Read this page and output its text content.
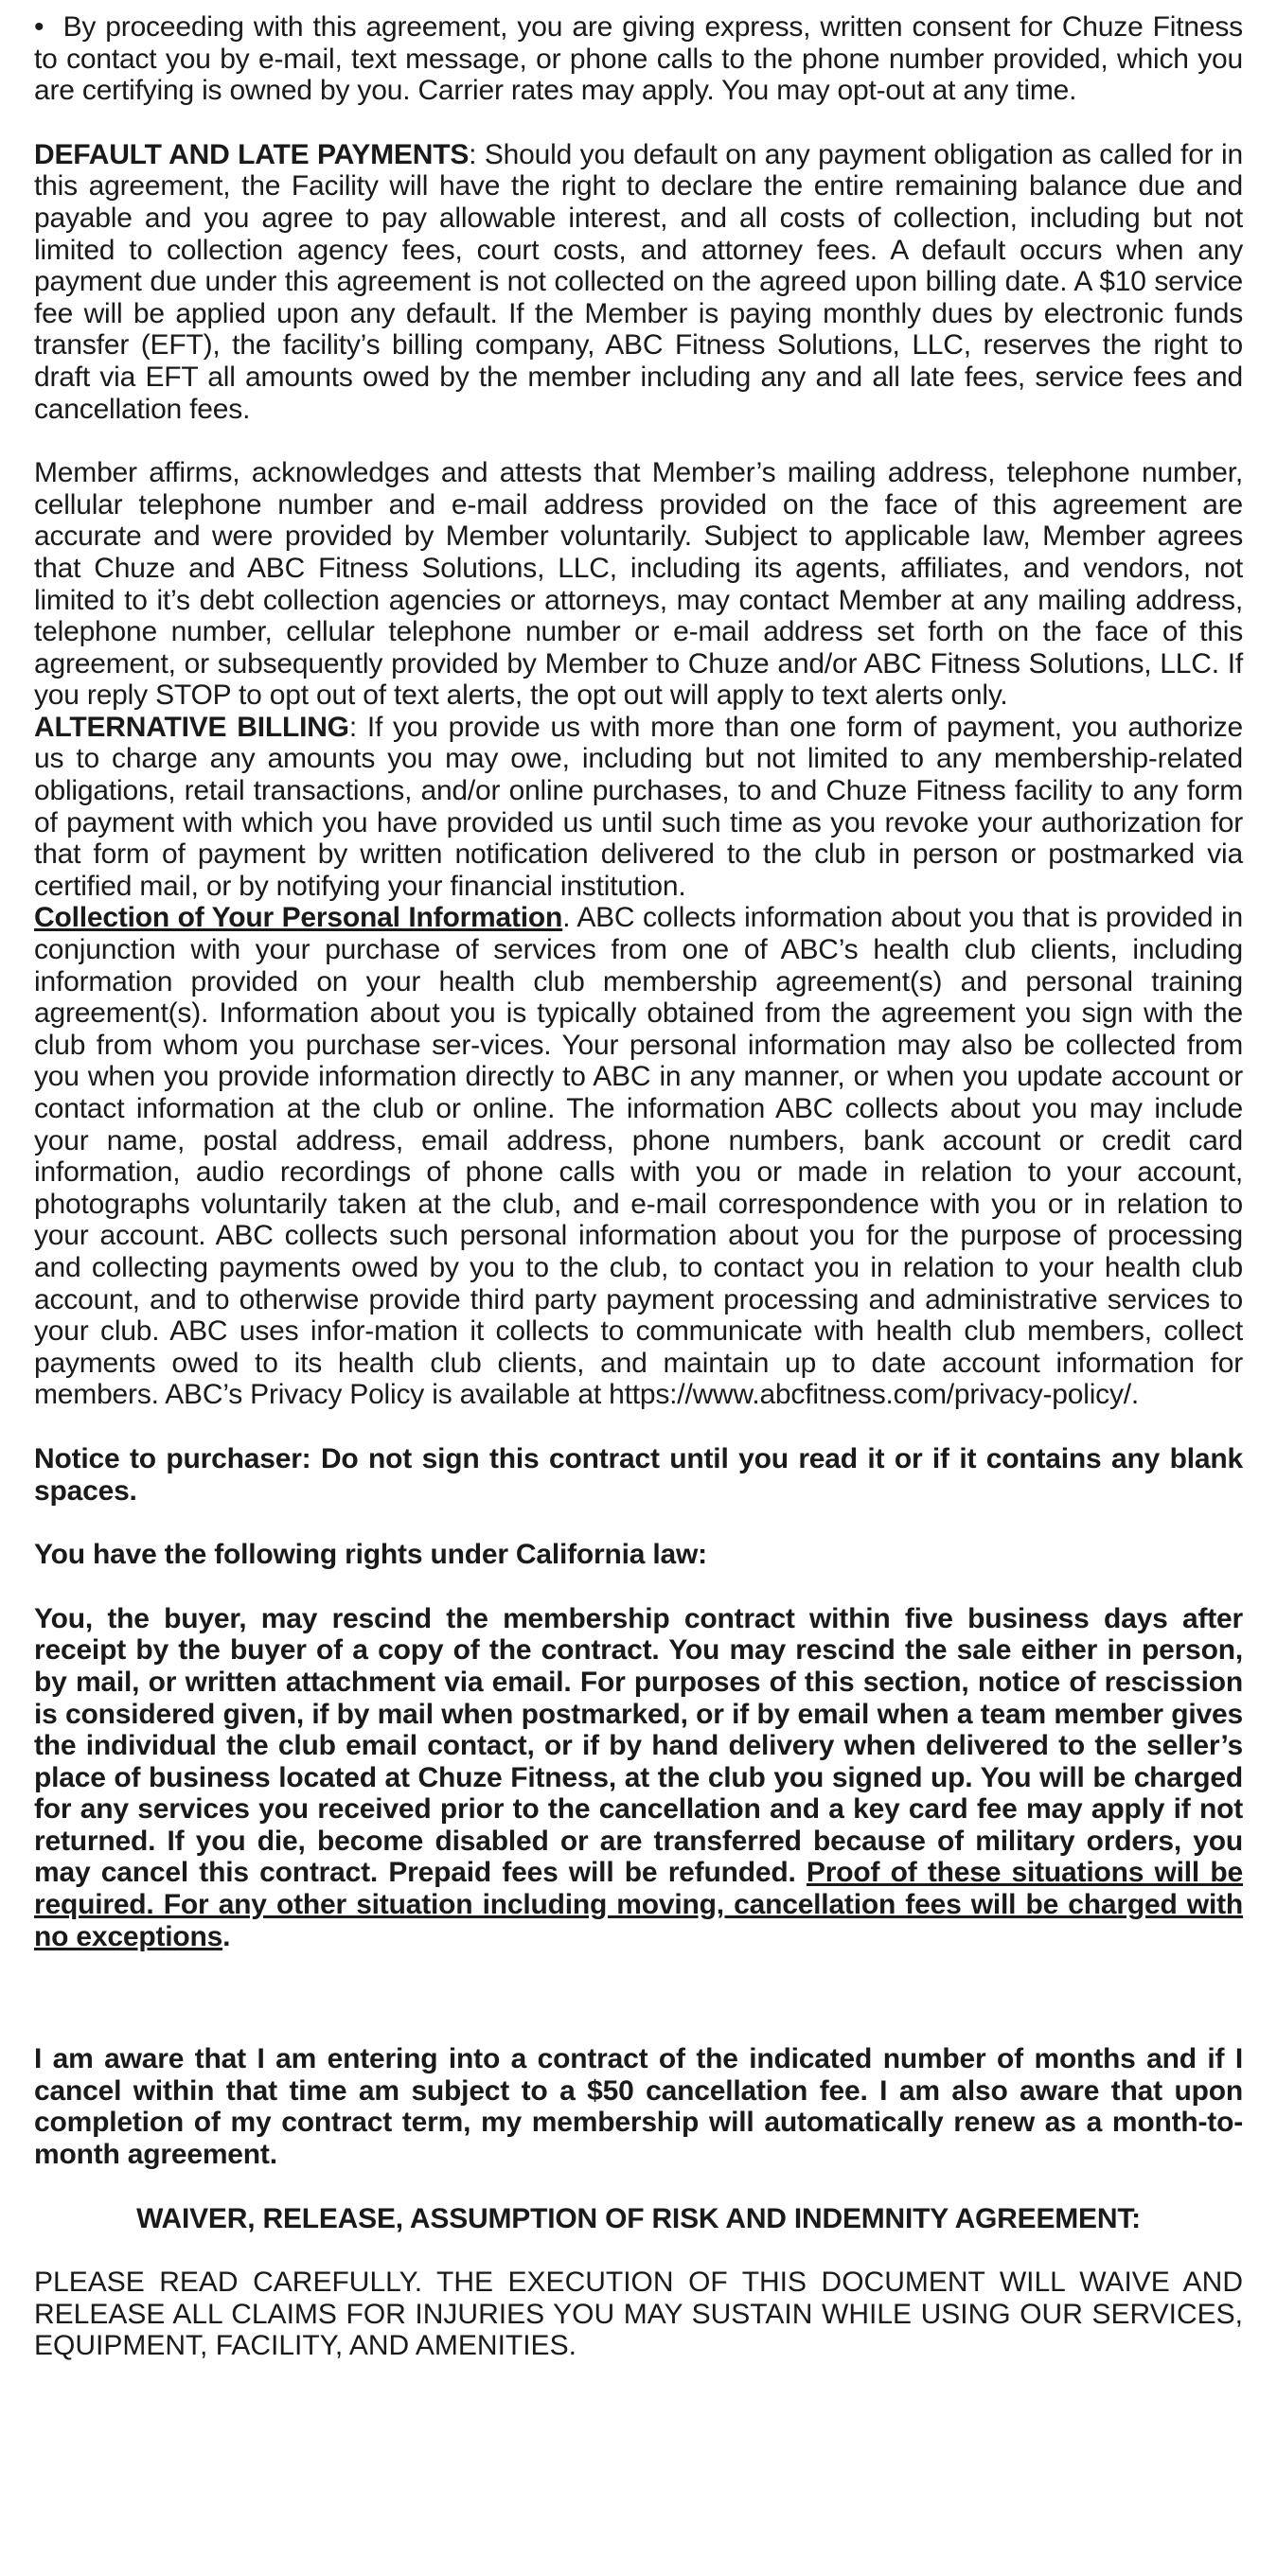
• By proceeding with this agreement, you are giving express, written consent for Chuze Fitness to contact you by e-mail, text message, or phone calls to the phone number provided, which you are certifying is owned by you. Carrier rates may apply. You may opt-out at any time.

DEFAULT AND LATE PAYMENTS: Should you default on any payment obligation as called for in this agreement, the Facility will have the right to declare the entire remaining balance due and payable and you agree to pay allowable interest, and all costs of collection, including but not limited to collection agency fees, court costs, and attorney fees. A default occurs when any payment due under this agreement is not collected on the agreed upon billing date. A $10 service fee will be applied upon any default. If the Member is paying monthly dues by electronic funds transfer (EFT), the facility’s billing company, ABC Fitness Solutions, LLC, reserves the right to draft via EFT all amounts owed by the member including any and all late fees, service fees and cancellation fees.

Member affirms, acknowledges and attests that Member’s mailing address, telephone number, cellular telephone number and e-mail address provided on the face of this agreement are accurate and were provided by Member voluntarily. Subject to applicable law, Member agrees that Chuze and ABC Fitness Solutions, LLC, including its agents, affiliates, and vendors, not limited to it’s debt collection agencies or attorneys, may contact Member at any mailing address, telephone number, cellular telephone number or e-mail address set forth on the face of this agreement, or subsequently provided by Member to Chuze and/or ABC Fitness Solutions, LLC. If you reply STOP to opt out of text alerts, the opt out will apply to text alerts only.

ALTERNATIVE BILLING: If you provide us with more than one form of payment, you authorize us to charge any amounts you may owe, including but not limited to any membership-related obligations, retail transactions, and/or online purchases, to and Chuze Fitness facility to any form of payment with which you have provided us until such time as you revoke your authorization for that form of payment by written notification delivered to the club in person or postmarked via certified mail, or by notifying your financial institution.

Collection of Your Personal Information. ABC collects information about you that is provided in conjunction with your purchase of services from one of ABC’s health club clients, including information provided on your health club membership agreement(s) and personal training agreement(s). Information about you is typically obtained from the agreement you sign with the club from whom you purchase ser-vices. Your personal information may also be collected from you when you provide information directly to ABC in any manner, or when you update account or contact information at the club or online. The information ABC collects about you may include your name, postal address, email address, phone numbers, bank account or credit card information, audio recordings of phone calls with you or made in relation to your account, photographs voluntarily taken at the club, and e-mail correspondence with you or in relation to your account. ABC collects such personal information about you for the purpose of processing and collecting payments owed by you to the club, to contact you in relation to your health club account, and to otherwise provide third party payment processing and administrative services to your club. ABC uses infor-mation it collects to communicate with health club members, collect payments owed to its health club clients, and maintain up to date account information for members. ABC’s Privacy Policy is available at https://www.abcfitness.com/privacy-policy/.

Notice to purchaser: Do not sign this contract until you read it or if it contains any blank spaces.

You have the following rights under California law:

You, the buyer, may rescind the membership contract within five business days after receipt by the buyer of a copy of the contract. You may rescind the sale either in person, by mail, or written attachment via email. For purposes of this section, notice of rescission is considered given, if by mail when postmarked, or if by email when a team member gives the individual the club email contact, or if by hand delivery when delivered to the seller’s place of business located at Chuze Fitness, at the club you signed up. You will be charged for any services you received prior to the cancellation and a key card fee may apply if not returned. If you die, become disabled or are transferred because of military orders, you may cancel this contract. Prepaid fees will be refunded. Proof of these situations will be required. For any other situation including moving, cancellation fees will be charged with no exceptions.

I am aware that I am entering into a contract of the indicated number of months and if I cancel within that time am subject to a $50 cancellation fee. I am also aware that upon completion of my contract term, my membership will automatically renew as a month-to-month agreement.

WAIVER, RELEASE, ASSUMPTION OF RISK AND INDEMNITY AGREEMENT:

PLEASE READ CAREFULLY. THE EXECUTION OF THIS DOCUMENT WILL WAIVE AND RELEASE ALL CLAIMS FOR INJURIES YOU MAY SUSTAIN WHILE USING OUR SERVICES, EQUIPMENT, FACILITY, AND AMENITIES.
